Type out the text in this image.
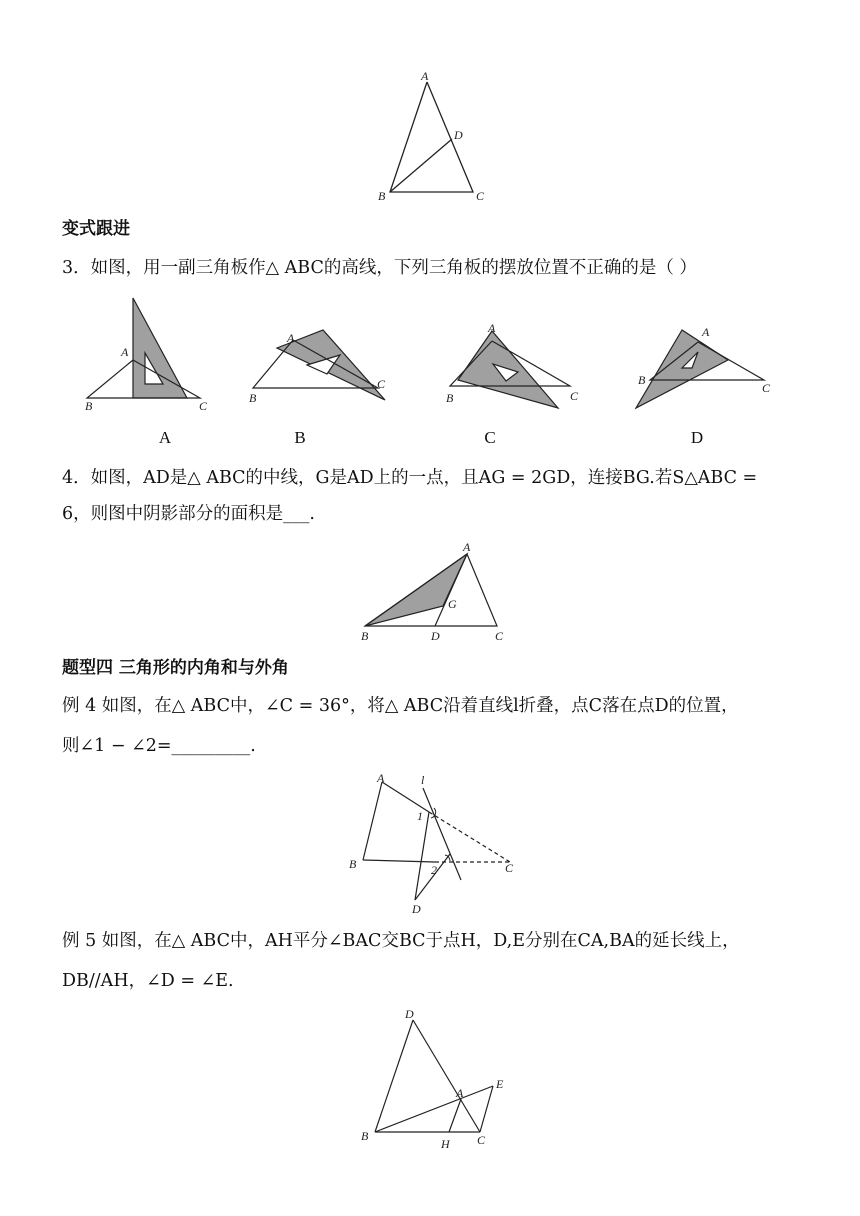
A
D
B	C
变式跟进
3．如图，用一副三角板作△ ABC的高线，下列三角板的摆放位置不正确的是（ ）
A
B	C
A
A
B
C
B
A
B	C
C
A
B
C
D
4．如图，AD是△ ABC的中线，G是AD上的一点，且AG = 2GD，连接BG.若S△ABC =
6，则图中阴影部分的面积是___.
A
G
B	D	C
题型四 三角形的内角和与外角
例 4 如图，在△ ABC中，∠C = 36°，将△ ABC沿着直线l折叠，点C落在点D的位置，
则∠1 − ∠2=_________.
A	l
1
B	2	C
D
例 5 如图，在△ ABC中，AH平分∠BAC交BC于点H，D,E分别在CA,BA的延长线上，
DB//AH，∠D = ∠E.
D
A
E
B
H C
